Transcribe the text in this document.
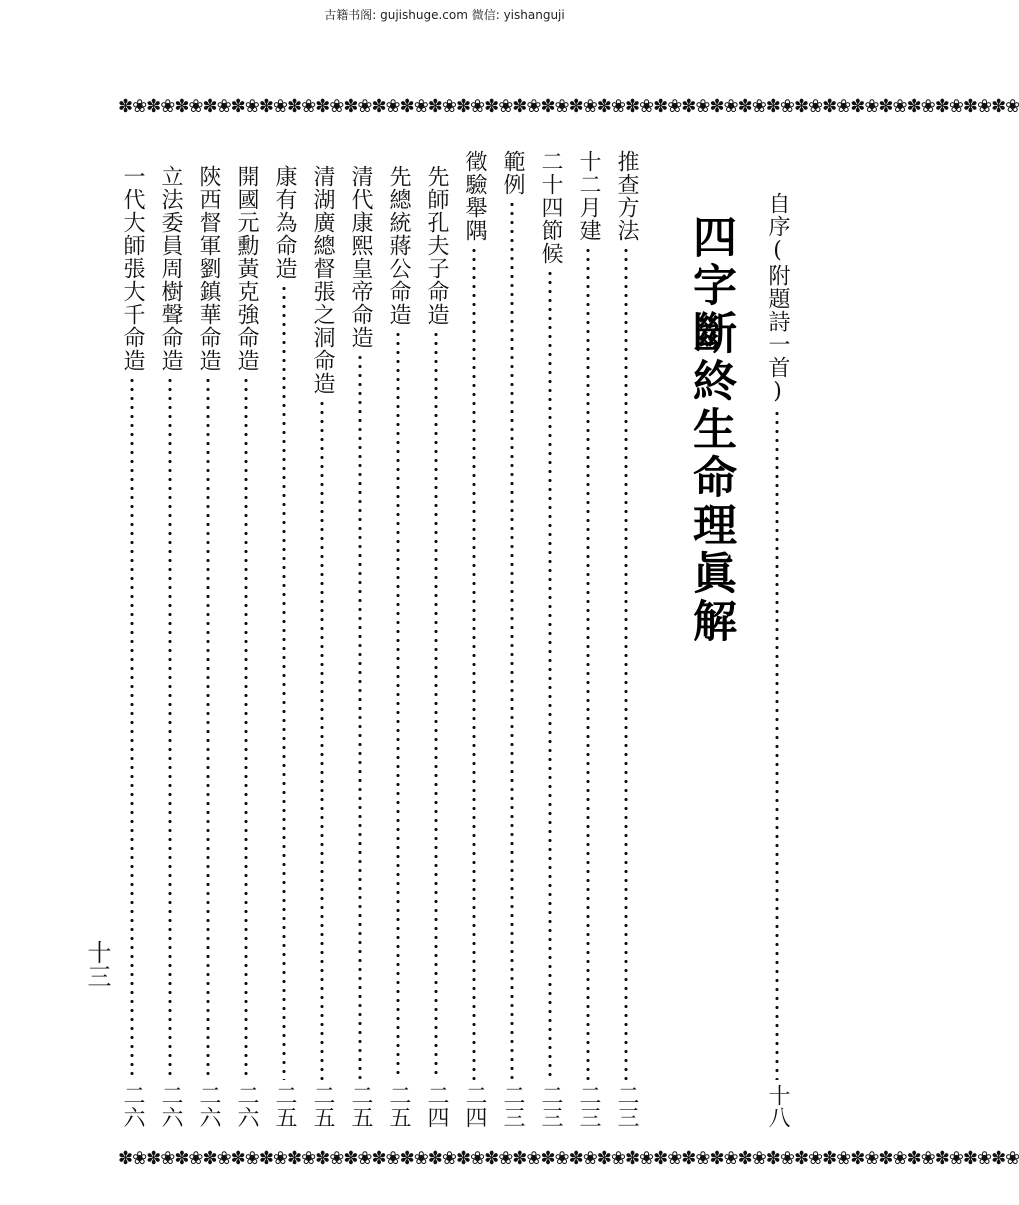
古籍书阁: gujishuge.com 微信: yishanguji
✽❀✽❀✽❀✽❀✽❀✽❀✽❀✽❀✽❀✽❀✽❀✽❀✽❀✽❀✽❀✽❀✽❀✽❀✽❀✽❀✽❀✽❀✽❀✽❀✽❀✽❀✽❀✽❀✽❀✽❀✽❀✽❀
四字斷終生命理眞解 自序(附題詩一首)
十八
推查方法
二三
十二月建
二三
二十四節候
二三
範例
二三
徵驗舉隅
二四
先師孔夫子命造
二四
先總統蔣公命造
二五
清代康熙皇帝命造
二五
清湖廣總督張之洞命造
二五
康有為命造
二五
開國元勳黃克強命造
二六
陝西督軍劉鎮華命造
二六
立法委員周樹聲命造
二六
一代大師張大千命造
二六
十三
✽❀✽❀✽❀✽❀✽❀✽❀✽❀✽❀✽❀✽❀✽❀✽❀✽❀✽❀✽❀✽❀✽❀✽❀✽❀✽❀✽❀✽❀✽❀✽❀✽❀✽❀✽❀✽❀✽❀✽❀✽❀✽❀
